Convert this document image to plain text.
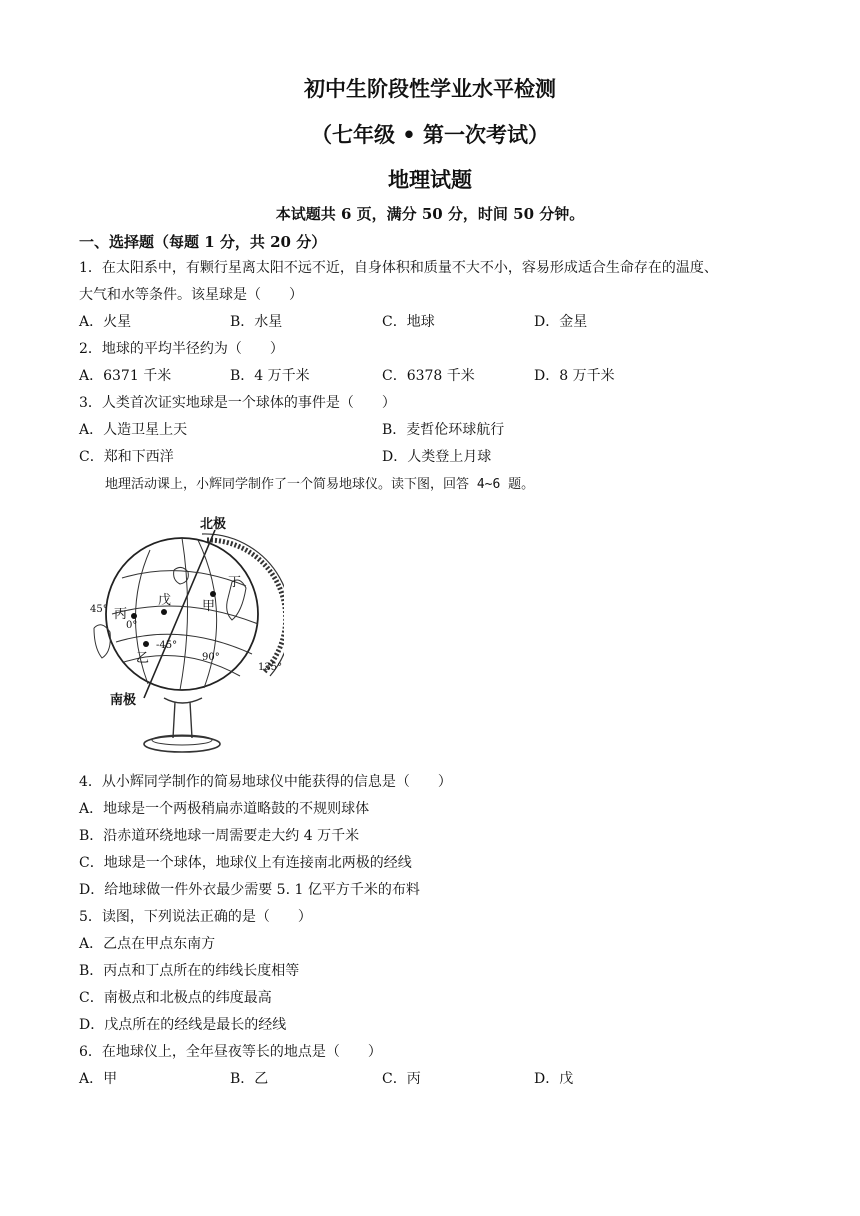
初中生阶段性学业水平检测
（七年级 • 第一次考试）
地理试题
本试题共 6 页，满分 50 分，时间 50 分钟。
一、选择题（每题 1 分，共 20 分）
1．在太阳系中，有颗行星离太阳不远不近，自身体积和质量不大不小，容易形成适合生命存在的温度、
大气和水等条件。该星球是（　　）
A．火星	B．水星	C．地球	D．金星
2．地球的平均半径约为（　　）
A．6371 千米	B．4 万千米	C．6378 千米	D．8 万千米
3．人类首次证实地球是一个球体的事件是（　　）
A．人造卫星上天	B．麦哲伦环球航行
C．郑和下西洋	D．人类登上月球
地理活动课上，小辉同学制作了一个简易地球仪。读下图，回答 4~6 题。
北极
南极
45°
0°
-45°
90°
135°
甲
乙
丙
丁
戊
4．从小辉同学制作的简易地球仪中能获得的信息是（　　）
A．地球是一个两极稍扁赤道略鼓的不规则球体
B．沿赤道环绕地球一周需要走大约 4 万千米
C．地球是一个球体，地球仪上有连接南北两极的经线
D．给地球做一件外衣最少需要 5. 1 亿平方千米的布料
5．读图，下列说法正确的是（　　）
A．乙点在甲点东南方
B．丙点和丁点所在的纬线长度相等
C．南极点和北极点的纬度最高
D．戊点所在的经线是最长的经线
6．在地球仪上，全年昼夜等长的地点是（　　）
A．甲	B．乙	C．丙	D．戊
